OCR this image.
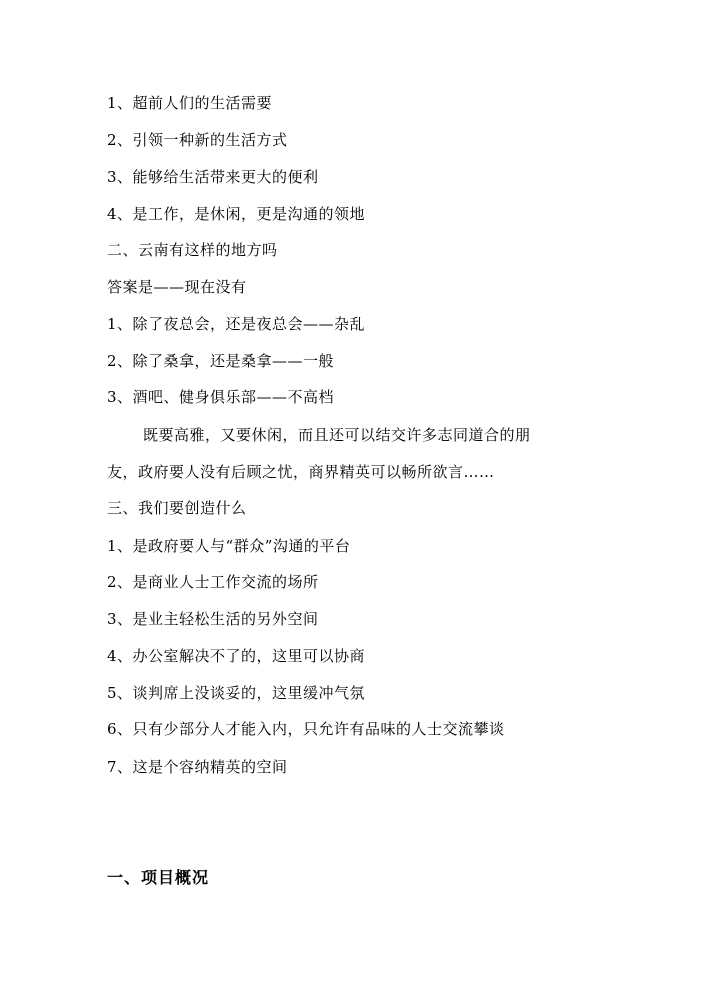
1、超前人们的生活需要
2、引领一种新的生活方式
3、能够给生活带来更大的便利
4、是工作，是休闲，更是沟通的领地
二、云南有这样的地方吗
答案是——现在没有
1、除了夜总会，还是夜总会——杂乱
2、除了桑拿，还是桑拿——一般
3、酒吧、健身俱乐部——不高档
既要高雅，又要休闲，而且还可以结交许多志同道合的朋
友，政府要人没有后顾之忧，商界精英可以畅所欲言……
三、我们要创造什么
1、是政府要人与“群众”沟通的平台
2、是商业人士工作交流的场所
3、是业主轻松生活的另外空间
4、办公室解决不了的，这里可以协商
5、谈判席上没谈妥的，这里缓冲气氛
6、只有少部分人才能入内，只允许有品味的人士交流攀谈
7、这是个容纳精英的空间
一、项目概况
